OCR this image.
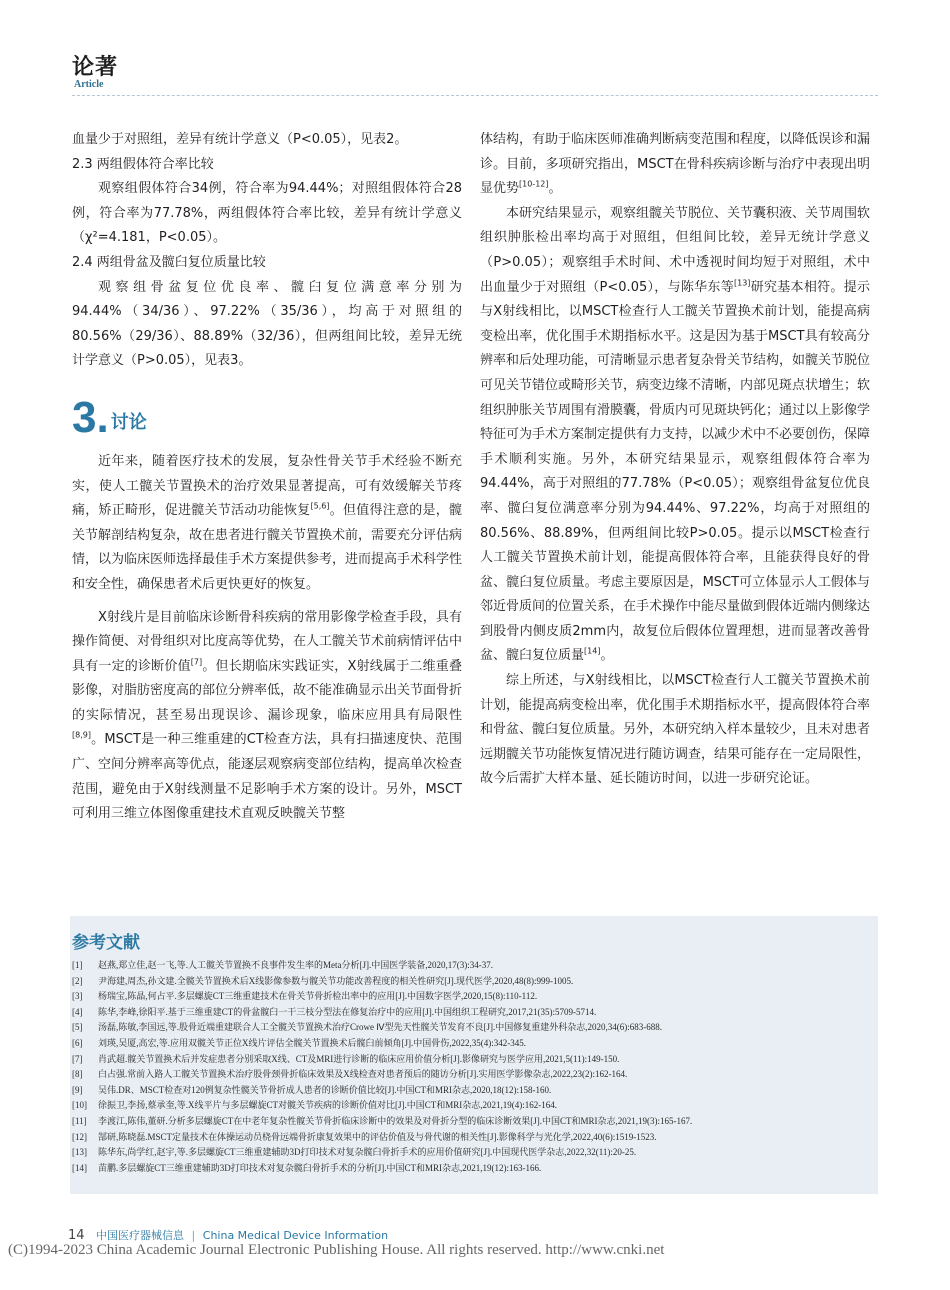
论著
Article

血量少于对照组，差异有统计学意义（P<0.05），见表2。

2.3 两组假体符合率比较

观察组假体符合34例，符合率为94.44%；对照组假体符合28例，符合率为77.78%，两组假体符合率比较，差异有统计学意义（χ²=4.181，P<0.05）。

2.4 两组骨盆及髋臼复位质量比较

观察组骨盆复位优良率、髋臼复位满意率分别为94.44%（34/36）、97.22%（35/36），均高于对照组的80.56%（29/36）、88.89%（32/36），但两组间比较，差异无统计学意义（P>0.05），见表3。

3. 讨论

近年来，随着医疗技术的发展，复杂性骨关节手术经验不断充实，使人工髋关节置换术的治疗效果显著提高，可有效缓解关节疼痛，矫正畸形，促进髋关节活动功能恢复[5,6]。但值得注意的是，髋关节解剖结构复杂，故在患者进行髋关节置换术前，需要充分评估病情，以为临床医师选择最佳手术方案提供参考，进而提高手术科学性和安全性，确保患者术后更快更好的恢复。

X射线片是目前临床诊断骨科疾病的常用影像学检查手段，具有操作简便、对骨组织对比度高等优势，在人工髋关节术前病情评估中具有一定的诊断价值[7]。但长期临床实践证实，X射线属于二维重叠影像，对脂肪密度高的部位分辨率低，故不能准确显示出关节面骨折的实际情况，甚至易出现误诊、漏诊现象，临床应用具有局限性[8,9]。MSCT是一种三维重建的CT检查方法，具有扫描速度快、范围广、空间分辨率高等优点，能逐层观察病变部位结构，提高单次检查范围，避免由于X射线测量不足影响手术方案的设计。另外，MSCT可利用三维立体图像重建技术直观反映髋关节整

体结构，有助于临床医师准确判断病变范围和程度，以降低误诊和漏诊。目前，多项研究指出，MSCT在骨科疾病诊断与治疗中表现出明显优势[10-12]。

本研究结果显示，观察组髋关节脱位、关节囊积液、关节周围软组织肿胀检出率均高于对照组，但组间比较，差异无统计学意义（P>0.05）；观察组手术时间、术中透视时间均短于对照组，术中出血量少于对照组（P<0.05），与陈华东等[13]研究基本相符。提示与X射线相比，以MSCT检查行人工髋关节置换术前计划，能提高病变检出率，优化围手术期指标水平。这是因为基于MSCT具有较高分辨率和后处理功能，可清晰显示患者复杂骨关节结构，如髋关节脱位可见关节错位或畸形关节，病变边缘不清晰，内部见斑点状增生；软组织肿胀关节周围有滑膜囊，骨质内可见斑块钙化；通过以上影像学特征可为手术方案制定提供有力支持，以减少术中不必要创伤，保障手术顺利实施。另外，本研究结果显示，观察组假体符合率为94.44%，高于对照组的77.78%（P<0.05）；观察组骨盆复位优良率、髋臼复位满意率分别为94.44%、97.22%，均高于对照组的80.56%、88.89%，但两组间比较P>0.05。提示以MSCT检查行人工髋关节置换术前计划，能提高假体符合率，且能获得良好的骨盆、髋臼复位质量。考虑主要原因是，MSCT可立体显示人工假体与邻近骨质间的位置关系，在手术操作中能尽量做到假体近端内侧缘达到股骨内侧皮质2mm内，故复位后假体位置理想，进而显著改善骨盆、髋臼复位质量[14]。

综上所述，与X射线相比，以MSCT检查行人工髋关节置换术前计划，能提高病变检出率，优化围手术期指标水平，提高假体符合率和骨盆、髋臼复位质量。另外，本研究纳入样本量较少，且未对患者远期髋关节功能恢复情况进行随访调查，结果可能存在一定局限性，故今后需扩大样本量、延长随访时间，以进一步研究论证。

参考文献
[1]	赵燕,郑立佳,赵一飞,等.人工髋关节置换不良事件发生率的Meta分析[J].中国医学装备,2020,17(3):34-37.
[2]	尹海建,周杰,孙文建.全髋关节置换术后X线影像参数与髋关节功能改善程度的相关性研究[J].现代医学,2020,48(8):999-1005.
[3]	杨瑞宝,陈晶,何占平.多层螺旋CT三维重建技术在骨关节骨折检出率中的应用[J].中国数字医学,2020,15(8):110-112.
[4]	陈华,李峰,徐阳平.基于三维重建CT的骨盆髋臼一干三枝分型法在修复治疗中的应用[J].中国组织工程研究,2017,21(35):5709-5714.
[5]	汤磊,陈敏,李国远,等.股骨近端重建联合人工全髋关节置换术治疗Crowe Ⅳ型先天性髋关节发育不良[J].中国修复重建外科杂志,2020,34(6):683-688.
[6]	刘瑛,吴厦,高宏,等.应用双髋关节正位X线片评估全髋关节置换术后髋臼前倾角[J].中国骨伤,2022,35(4):342-345.
[7]	肖武超.髋关节置换术后并发症患者分别采取X线、CT及MRI进行诊断的临床应用价值分析[J].影像研究与医学应用,2021,5(11):149-150.
[8]	白占强.常前入路人工髋关节置换术治疗股骨颈骨折临床效果及X线检查对患者预后的随访分析[J].实用医学影像杂志,2022,23(2):162-164.
[9]	吴伟.DR、MSCT检查对120例复杂性髋关节骨折成人患者的诊断价值比较[J].中国CT和MRI杂志,2020,18(12):158-160.
[10]	徐振卫,李扬,蔡承奎,等.X线平片与多层螺旋CT对髋关节疾病的诊断价值对比[J].中国CT和MRI杂志,2021,19(4):162-164.
[11]	李渡江,陈伟,董研.分析多层螺旋CT在中老年复杂性髋关节骨折临床诊断中的效果及对骨折分型的临床诊断效果[J].中国CT和MRI杂志,2021,19(3):165-167.
[12]	郜研,陈晓磊.MSCT定量技术在体操运动员桡骨远端骨折康复效果中的评估价值及与骨代谢的相关性[J].影像科学与光化学,2022,40(6):1519-1523.
[13]	陈华东,尚学红,赵宇,等.多层螺旋CT三维重建辅助3D打印技术对复杂髋臼骨折手术的应用价值研究[J].中国现代医学杂志,2022,32(11):20-25.
[14]	苗鹏.多层螺旋CT三维重建辅助3D打印技术对复杂髋臼骨折手术的分析[J].中国CT和MRI杂志,2021,19(12):163-166.
14 中国医疗器械信息 | China Medical Device Information
(C)1994-2023 China Academic Journal Electronic Publishing House. All rights reserved. http://www.cnki.net
